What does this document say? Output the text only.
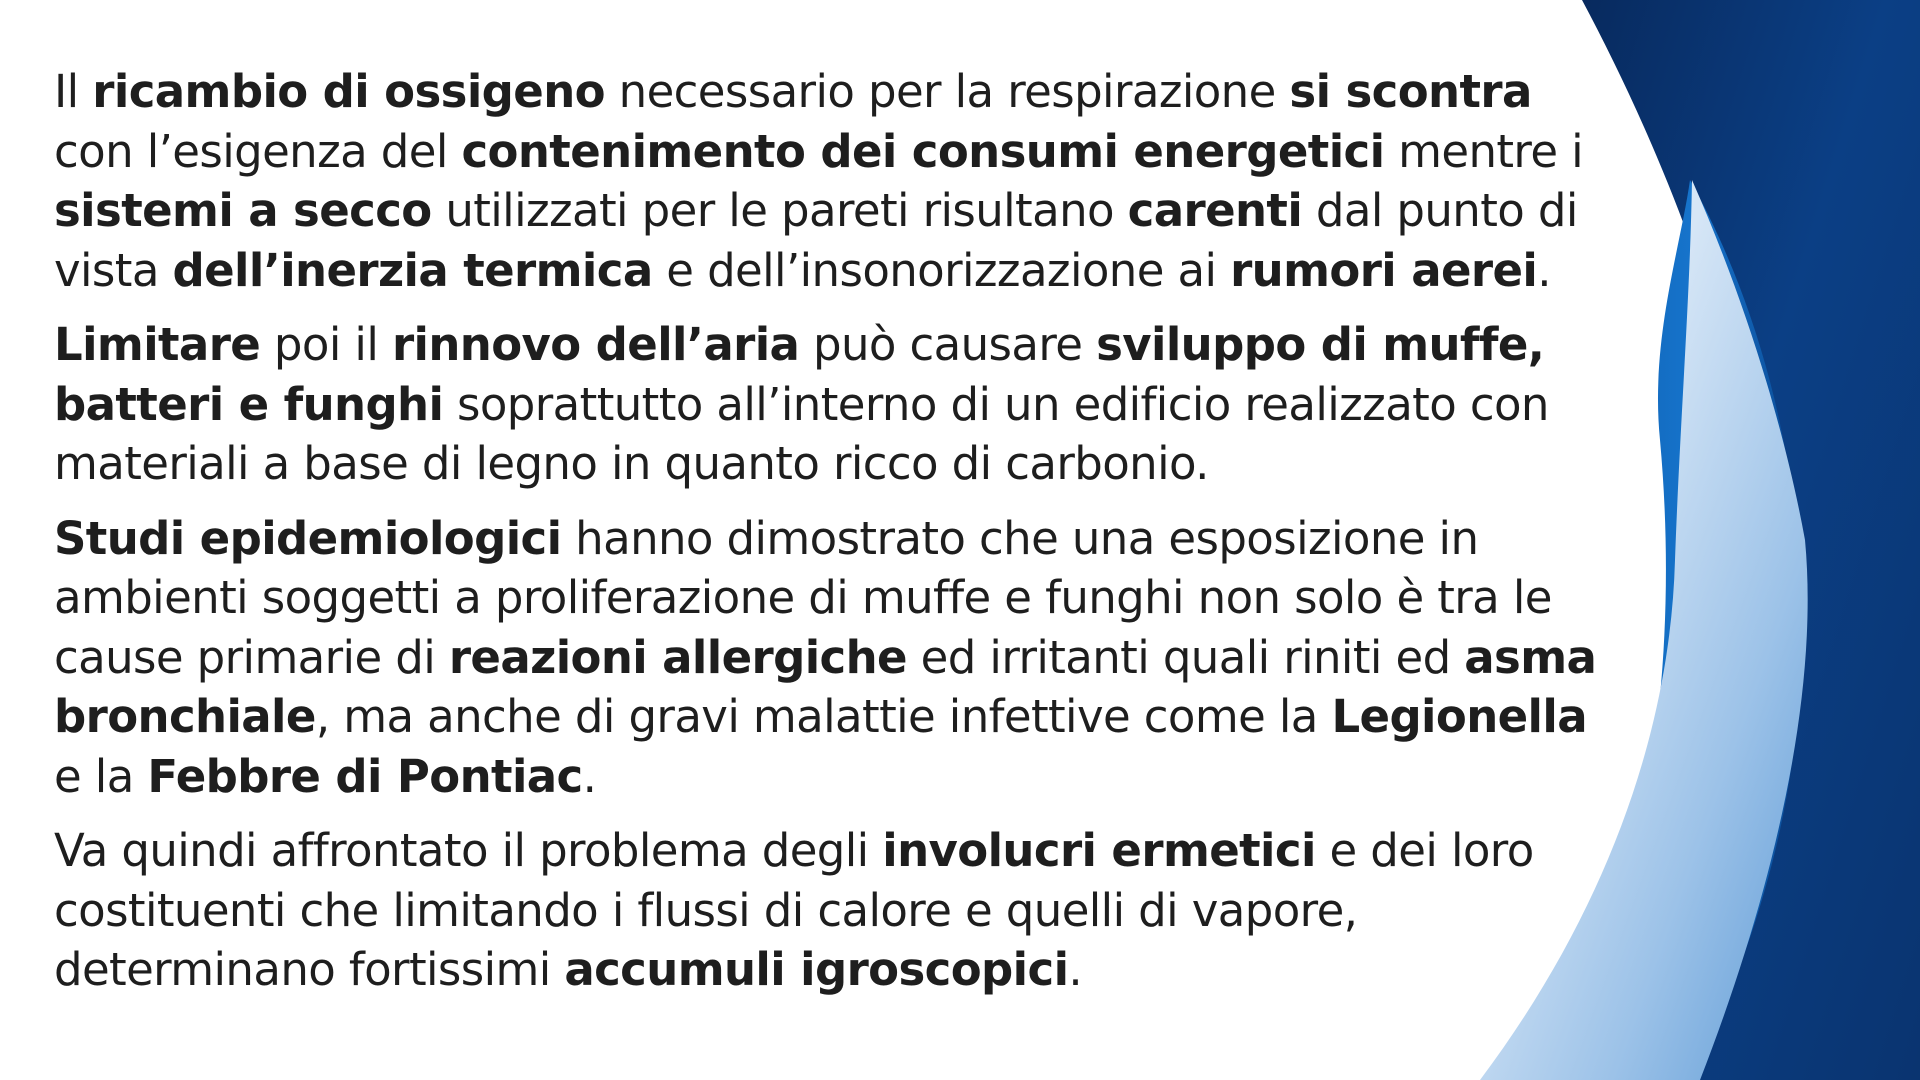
Il ricambio di ossigeno necessario per la respirazione si scontra con l’esigenza del contenimento dei consumi energetici mentre i sistemi a secco utilizzati per le pareti risultano carenti dal punto di vista dell’inerzia termica e dell’insonorizzazione ai rumori aerei.

Limitare poi il rinnovo dell’aria può causare sviluppo di muffe, batteri e funghi soprattutto all’interno di un edificio realizzato con materiali a base di legno in quanto ricco di carbonio.

Studi epidemiologici hanno dimostrato che una esposizione in ambienti soggetti a proliferazione di muffe e funghi non solo è tra le cause primarie di reazioni allergiche ed irritanti quali riniti ed asma bronchiale, ma anche di gravi malattie infettive come la Legionella e la Febbre di Pontiac.

Va quindi affrontato il problema degli involucri ermetici e dei loro costituenti che limitando i flussi di calore e quelli di vapore, determinano fortissimi accumuli igroscopici.
